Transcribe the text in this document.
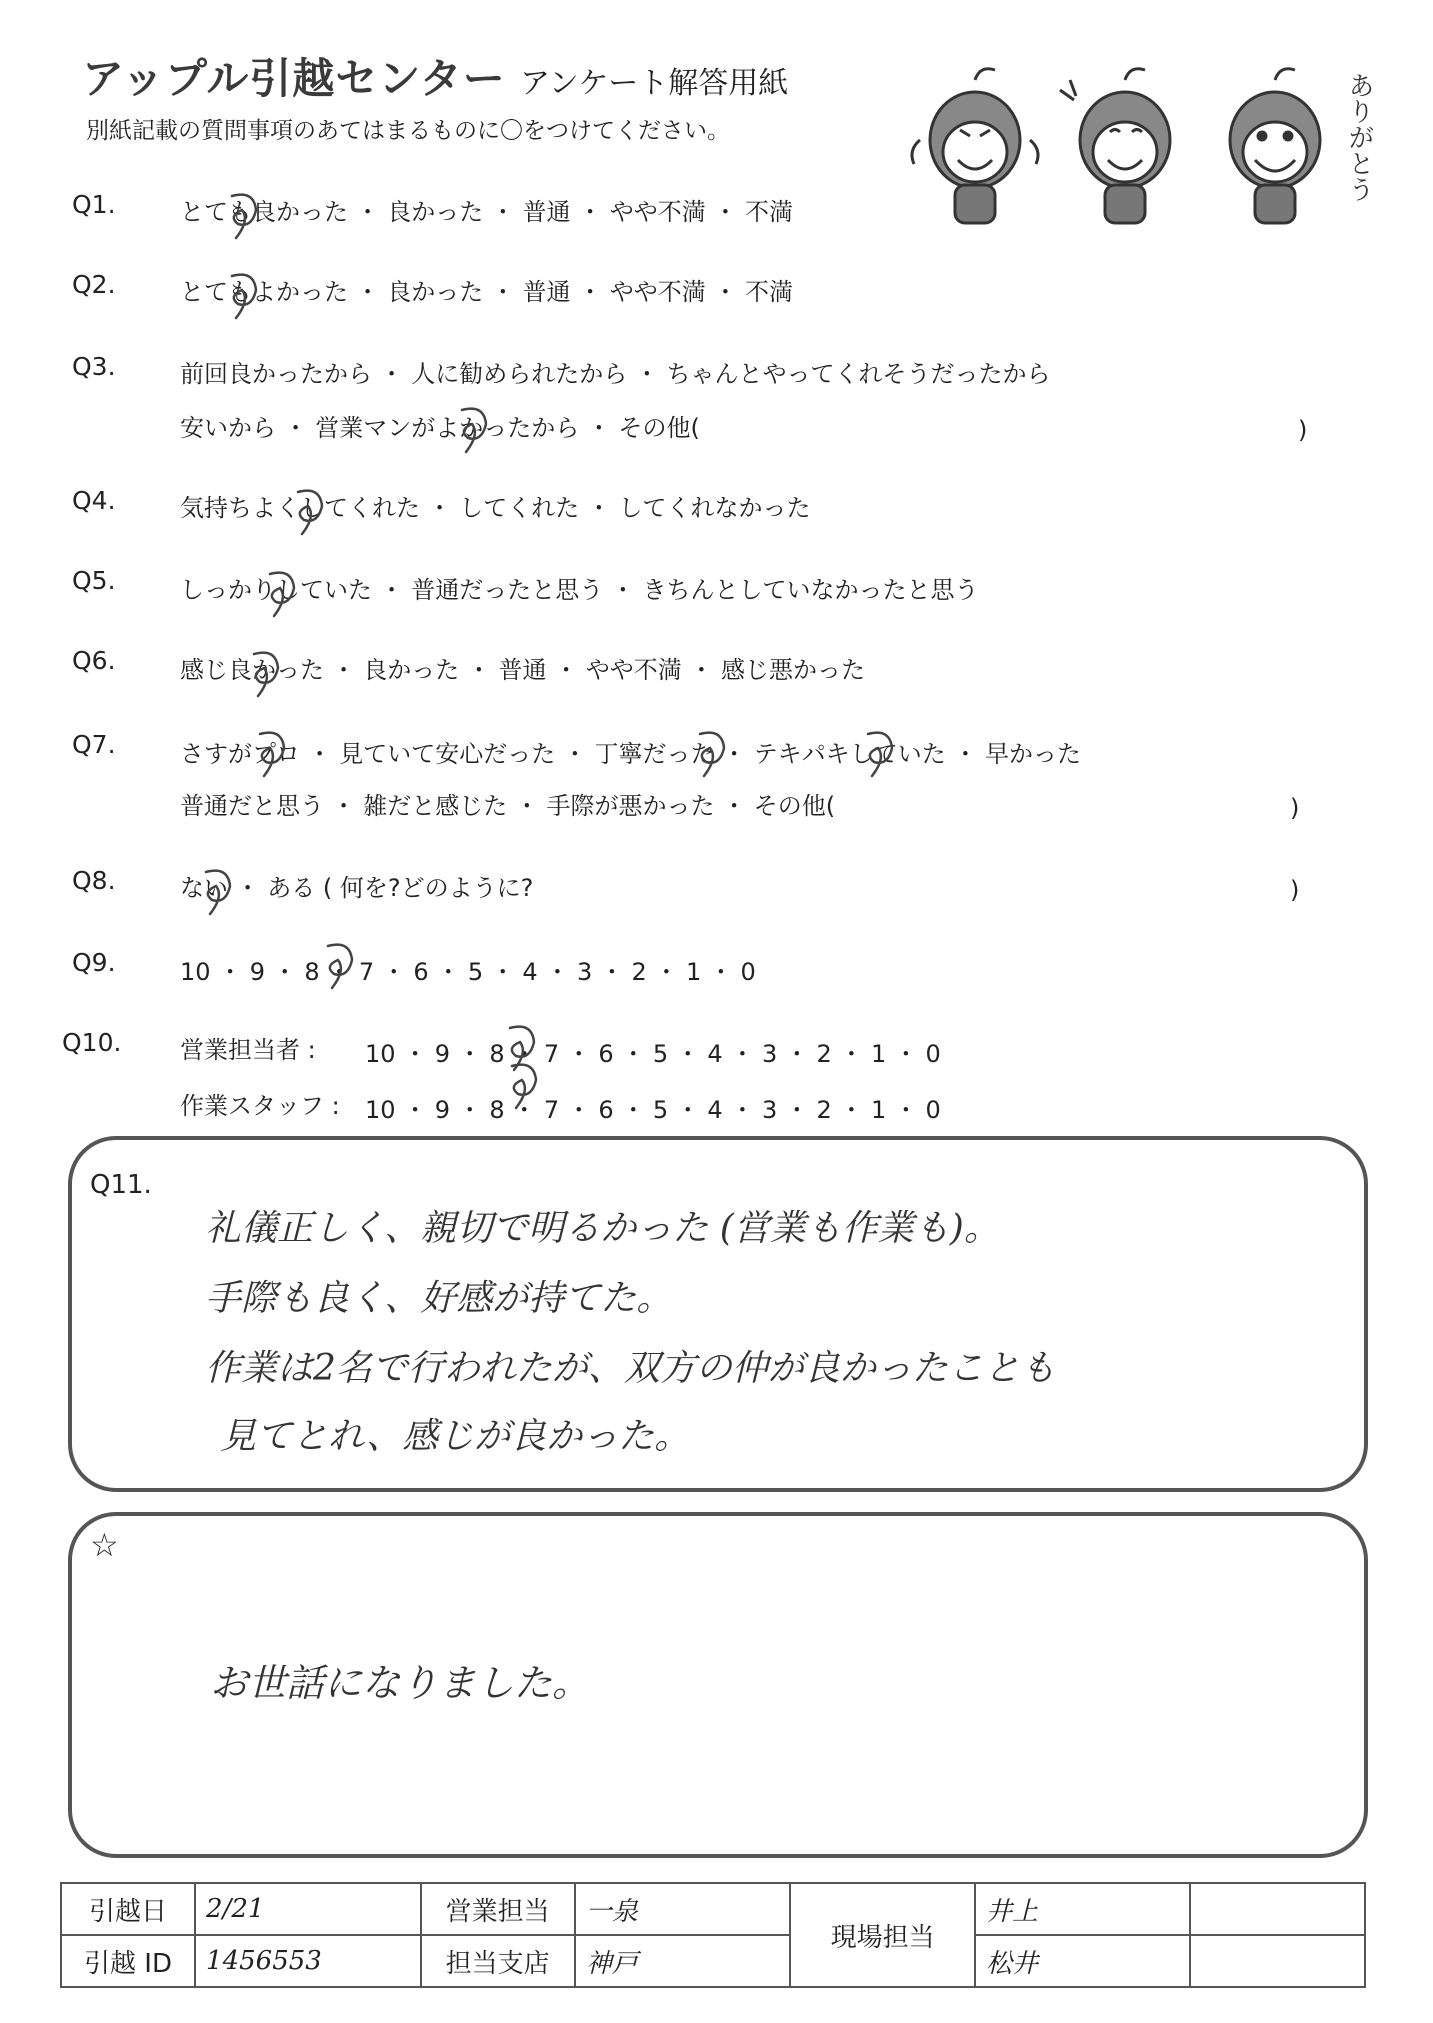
アップル引越センター アンケート解答用紙
別紙記載の質問事項のあてはまるものに〇をつけてください。	ありがとう
Q1.	とても良かった ・ 良かった ・ 普通 ・ やや不満 ・ 不満
Q2.	とてもよかった ・ 良かった ・ 普通 ・ やや不満 ・ 不満
Q3.	前回良かったから ・ 人に勧められたから ・ ちゃんとやってくれそうだったから
安いから ・ 営業マンがよかったから ・ その他(	)
Q4.	気持ちよくしてくれた ・ してくれた ・ してくれなかった
Q5.	しっかりしていた ・ 普通だったと思う ・ きちんとしていなかったと思う
Q6.	感じ良かった ・ 良かった ・ 普通 ・ やや不満 ・ 感じ悪かった
Q7.	さすがプロ ・ 見ていて安心だった ・ 丁寧だった ・ テキパキしていた ・ 早かった
普通だと思う ・ 雑だと感じた ・ 手際が悪かった ・ その他(	)
Q8.	ない ・ ある ( 何を?どのように?	)
Q9.	10 ・ 9 ・ 8 ・ 7 ・ 6 ・ 5 ・ 4 ・ 3 ・ 2 ・ 1 ・ 0
Q10. 営業担当者 : 10 ・ 9 ・ 8 ・ 7 ・ 6 ・ 5 ・ 4 ・ 3 ・ 2 ・ 1 ・ 0
作業スタッフ : 10 ・ 9 ・ 8 ・ 7 ・ 6 ・ 5 ・ 4 ・ 3 ・ 2 ・ 1 ・ 0
Q11.
礼儀正しく、親切で明るかった (営業も作業も)。
手際も良く、好感が持てた。
作業は2名で行われたが、双方の仲が良かったことも
見てとれ、感じが良かった。
☆
お世話になりました。
引越日	2/21	営業担当	一泉	現場担当	井上	
引越 ID	1456553	担当支店	神戸		松井	
